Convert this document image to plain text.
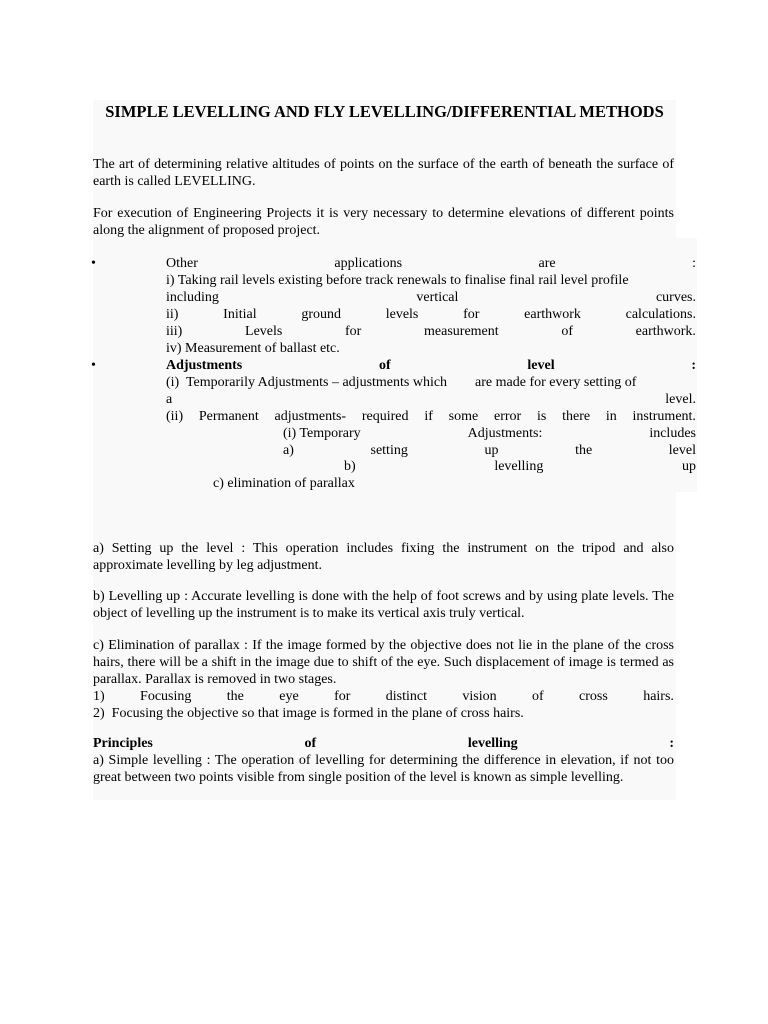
SIMPLE LEVELLING AND FLY LEVELLING/DIFFERENTIAL METHODS
The art of determining relative altitudes of points on the surface of the earth of beneath the surface of earth is called LEVELLING.
For execution of Engineering Projects it is very necessary to determine elevations of different points along the alignment of proposed project.
•	Other	applications	are	:
i) Taking rail levels existing before track renewals to finalise final rail level profile
including	vertical	curves.
ii)	Initial	ground	levels	for	earthwork	calculations.
iii)	Levels	for	measurement	of	earthwork.
iv) Measurement of ballast etc.
•	Adjustments	of	level	:
(i)  Temporarily Adjustments – adjustments which        are made for every setting of
a	level.
(ii) Permanent adjustments- required if some error is there in instrument.
(i) Temporary	Adjustments:	includes
a)	setting	up	the	level
b)	levelling	up
c) elimination of parallax
a) Setting up the level : This operation includes fixing the instrument on the tripod and also approximate levelling by leg adjustment.
b) Levelling up : Accurate levelling is done with the help of foot screws and by using plate levels. The object of levelling up the instrument is to make its vertical axis truly vertical.
c) Elimination of parallax : If the image formed by the objective does not lie in the plane of the cross hairs, there will be a shift in the image due to shift of the eye. Such displacement of image is termed as parallax. Parallax is removed in two stages.
1)	Focusing	the	eye	for	distinct	vision	of	cross	hairs.
2)  Focusing the objective so that image is formed in the plane of cross hairs.
Principles	of	levelling	:
a) Simple levelling : The operation of levelling for determining the difference in elevation, if not too great between two points visible from single position of the level is known as simple levelling.
